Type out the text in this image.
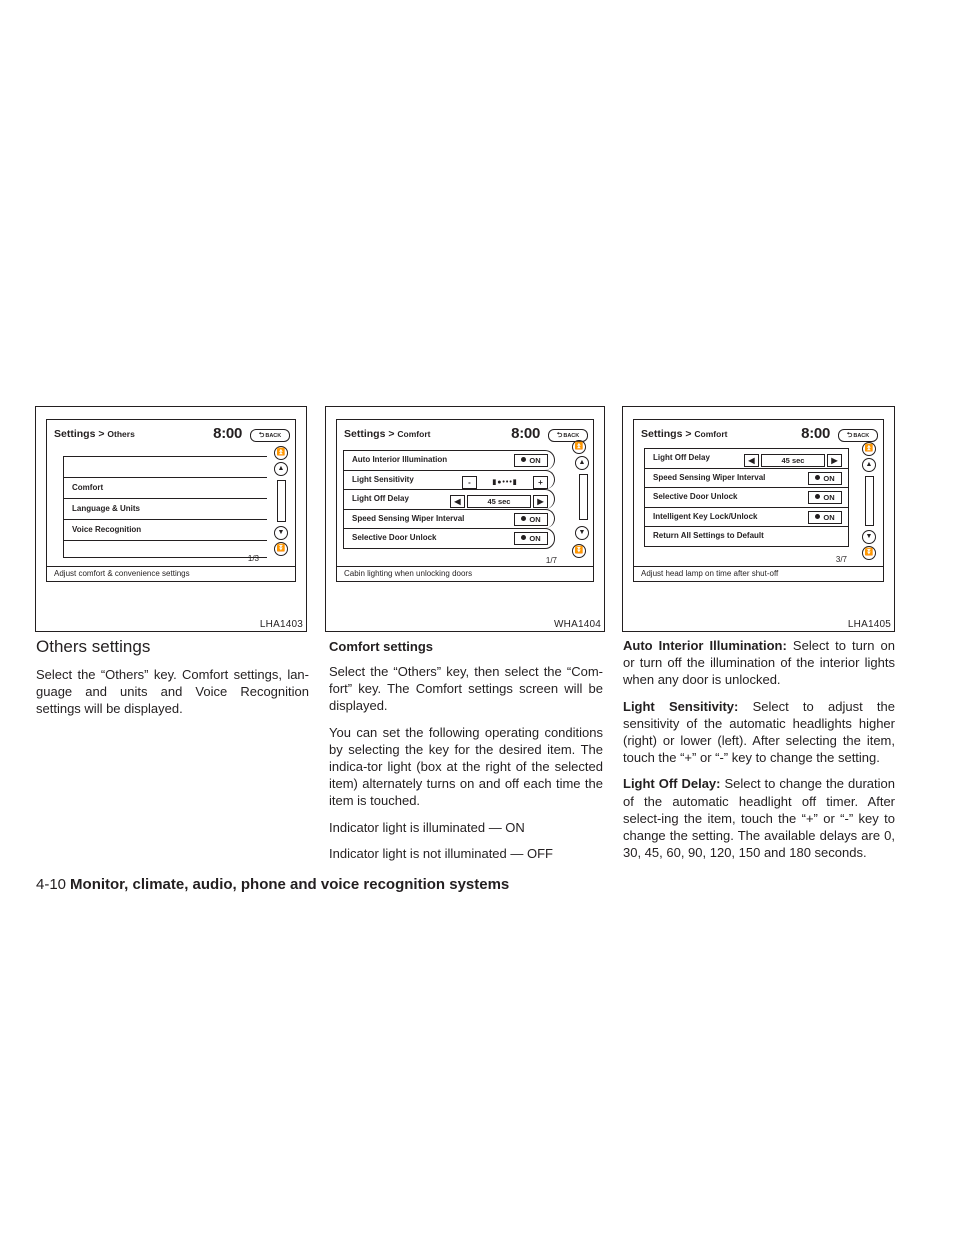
Settings > Others	8:00	⮌BACK
Comfort
Language & Units
Voice Recognition
⏫
▲
▼
⏬
1/3
Adjust comfort & convenience settings
LHA1403
Settings > Comfort	8:00	⮌BACK
Auto Interior Illumination	ON
Light Sensitivity	-	▮●•••▮	+
Light Off Delay	◀	45 sec	▶
Speed Sensing Wiper Interval	ON
Selective Door Unlock	ON
⏫
▲
▼
⏬
1/7
Cabin lighting when unlocking doors
WHA1404
Settings > Comfort	8:00	⮌BACK
Light Off Delay	◀	45 sec	▶
Speed Sensing Wiper Interval	ON
Selective Door Unlock	ON
Intelligent Key Lock/Unlock	ON
Return All Settings to Default
⏫
▲
▼
⏬
3/7
Adjust head lamp on time after shut-off
LHA1405
Others settings

Select the “Others” key. Comfort settings, lan-guage and units and Voice Recognition settings will be displayed.

Comfort settings

Select the “Others” key, then select the “Com-fort” key. The Comfort settings screen will be displayed.

You can set the following operating conditions by selecting the key for the desired item. The indica-tor light (box at the right of the selected item) alternately turns on and off each time the item is touched.

Indicator light is illuminated — ON

Indicator light is not illuminated — OFF

Auto Interior Illumination: Select to turn on or turn off the illumination of the interior lights when any door is unlocked.

Light Sensitivity: Select to adjust the sensitivity of the automatic headlights higher (right) or lower (left). After selecting the item, touch the “+” or “-” key to change the setting.

Light Off Delay: Select to change the duration of the automatic headlight off timer. After select-ing the item, touch the “+” or “-” key to change the setting. The available delays are 0, 30, 45, 60, 90, 120, 150 and 180 seconds.

4-10 Monitor, climate, audio, phone and voice recognition systems
